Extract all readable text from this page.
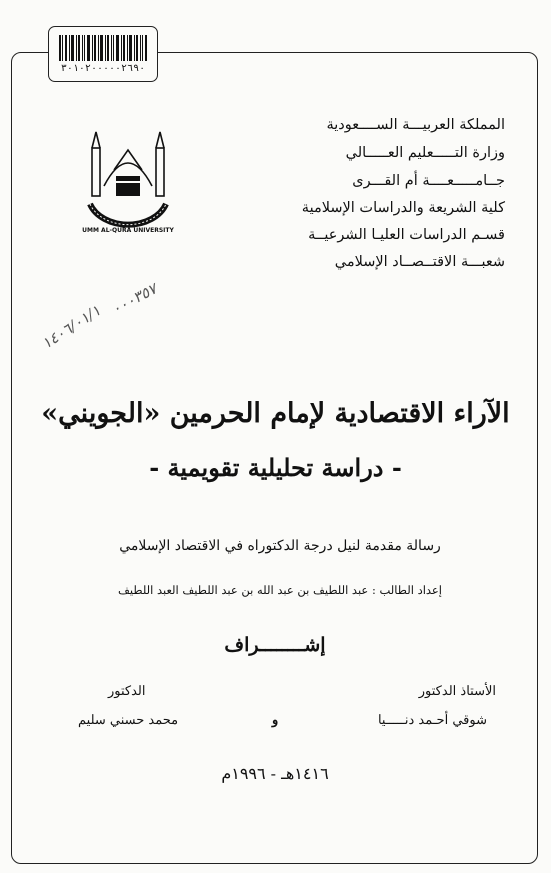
٣٠١٠٢٠٠٠٠٠٢٦٩٠
المملكة العربيـــة الســــعودية
وزارة التـــــعليم العـــــالي
جــامـــــعــــة أم القـــرى
كلية الشريعة والدراسات الإسلامية
قسـم الدراسات العليـا الشرعيــة
شعبـــة الاقتــصــاد الإسلامي
UMM AL-QURA UNIVERSITY
٠٠٠٣٥٧
١٤٠٦/٠١/١
الآراء الاقتصادية لإمام الحرمين «الجويني»
- دراسة تحليلية تقويمية -
رسالة مقدمة لنيل درجة الدكتوراه في الاقتصاد الإسلامي
إعداد الطالب : عبد اللطيف بن عبد الله بن عبد اللطيف العبد اللطيف
إشــــــــراف
الأستاذ الدكتور
شوقي أحـمد دنـــــيا
و
الدكتور
محمد حسني سليم
١٤١٦هـ - ١٩٩٦م
